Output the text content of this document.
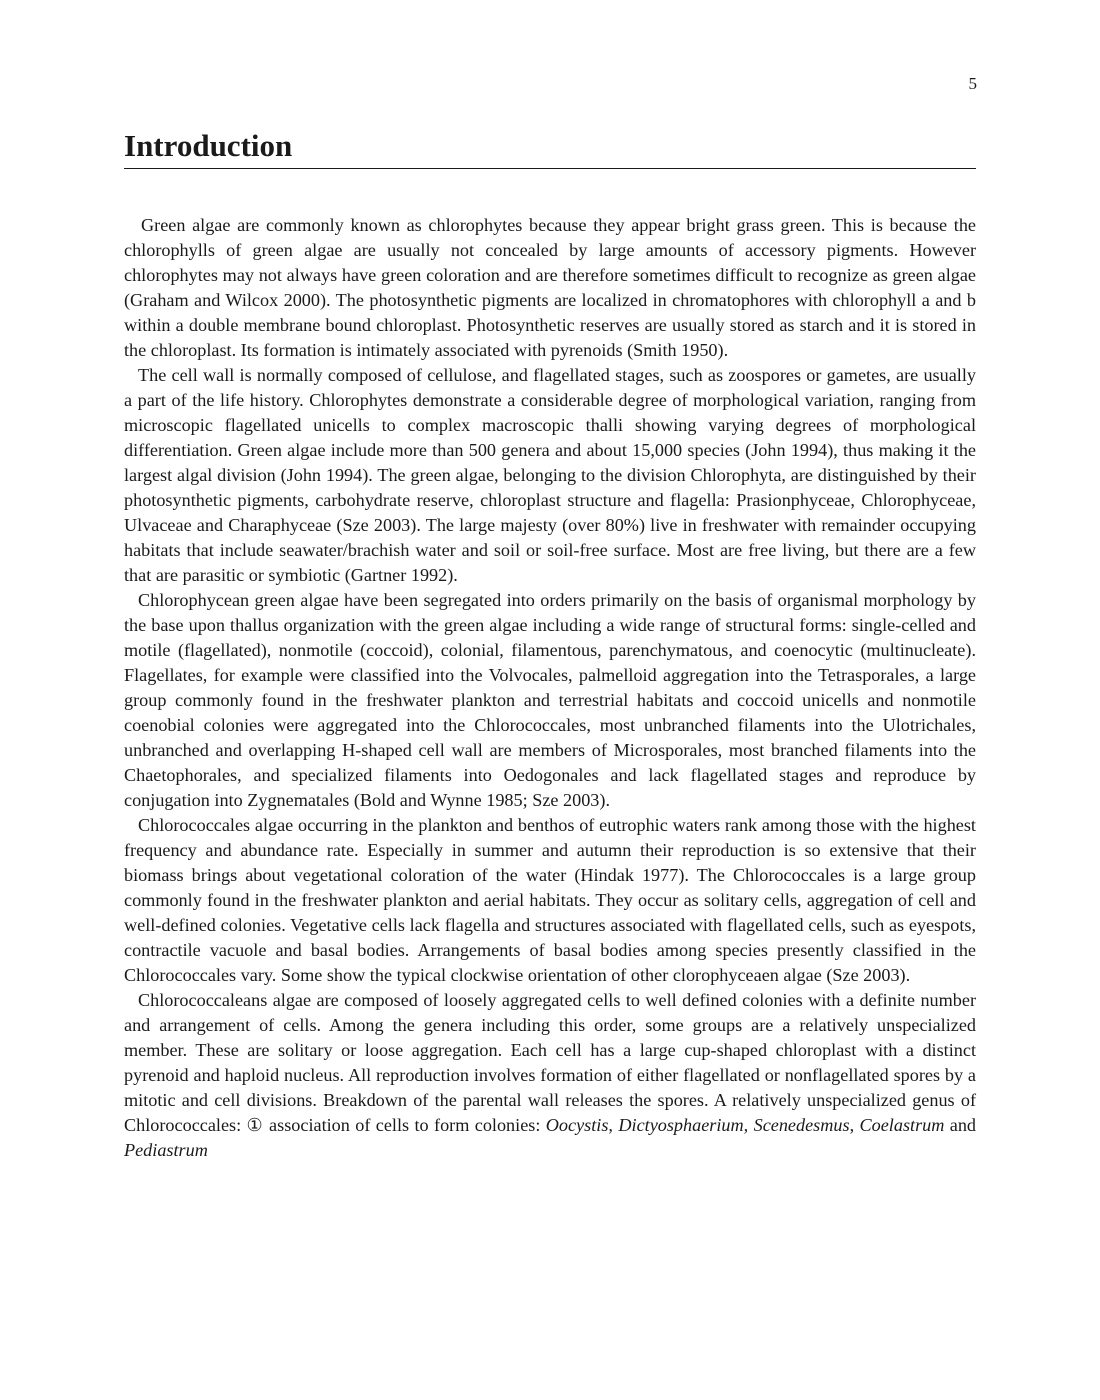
5
Introduction

Green algae are commonly known as chlorophytes because they appear bright grass green. This is because the chlorophylls of green algae are usually not concealed by large amounts of accessory pigments. However chlorophytes may not always have green coloration and are therefore sometimes difficult to recognize as green algae (Graham and Wilcox 2000). The photosynthetic pigments are localized in chromatophores with chlorophyll a and b within a double membrane bound chloroplast. Photosynthetic reserves are usually stored as starch and it is stored in the chloroplast. Its formation is intimately associated with pyrenoids (Smith 1950).

The cell wall is normally composed of cellulose, and flagellated stages, such as zoospores or gametes, are usually a part of the life history. Chlorophytes demonstrate a considerable degree of morphological variation, ranging from microscopic flagellated unicells to complex macroscopic thalli showing varying degrees of morphological differentiation. Green algae include more than 500 genera and about 15,000 species (John 1994), thus making it the largest algal division (John 1994). The green algae, belonging to the division Chlorophyta, are distinguished by their photosynthetic pigments, carbohydrate reserve, chloroplast structure and flagella: Prasionphyceae, Chlorophyceae, Ulvaceae and Charaphyceae (Sze 2003). The large majesty (over 80%) live in freshwater with remainder occupying habitats that include seawater/brachish water and soil or soil-free surface. Most are free living, but there are a few that are parasitic or symbiotic (Gartner 1992).

Chlorophycean green algae have been segregated into orders primarily on the basis of organismal morphology by the base upon thallus organization with the green algae including a wide range of structural forms: single-celled and motile (flagellated), nonmotile (coccoid), colonial, filamentous, parenchymatous, and coenocytic (multinucleate). Flagellates, for example were classified into the Volvocales, palmelloid aggregation into the Tetrasporales, a large group commonly found in the freshwater plankton and terrestrial habitats and coccoid unicells and nonmotile coenobial colonies were aggregated into the Chlorococcales, most unbranched filaments into the Ulotrichales, unbranched and overlapping H-shaped cell wall are members of Microsporales, most branched filaments into the Chaetophorales, and specialized filaments into Oedogonales and lack flagellated stages and reproduce by conjugation into Zygnematales (Bold and Wynne 1985; Sze 2003).

Chlorococcales algae occurring in the plankton and benthos of eutrophic waters rank among those with the highest frequency and abundance rate. Especially in summer and autumn their reproduction is so extensive that their biomass brings about vegetational coloration of the water (Hindak 1977). The Chlorococcales is a large group commonly found in the freshwater plankton and aerial habitats. They occur as solitary cells, aggregation of cell and well-defined colonies. Vegetative cells lack flagella and structures associated with flagellated cells, such as eyespots, contractile vacuole and basal bodies. Arrangements of basal bodies among species presently classified in the Chlorococcales vary. Some show the typical clockwise orientation of other clorophyceaen algae (Sze 2003).

Chlorococcaleans algae are composed of loosely aggregated cells to well defined colonies with a definite number and arrangement of cells. Among the genera including this order, some groups are a relatively unspecialized member. These are solitary or loose aggregation. Each cell has a large cup-shaped chloroplast with a distinct pyrenoid and haploid nucleus. All reproduction involves formation of either flagellated or nonflagellated spores by a mitotic and cell divisions. Breakdown of the parental wall releases the spores. A relatively unspecialized genus of Chlorococcales: ① association of cells to form colonies: Oocystis, Dictyosphaerium, Scenedesmus, Coelastrum and Pediastrum
